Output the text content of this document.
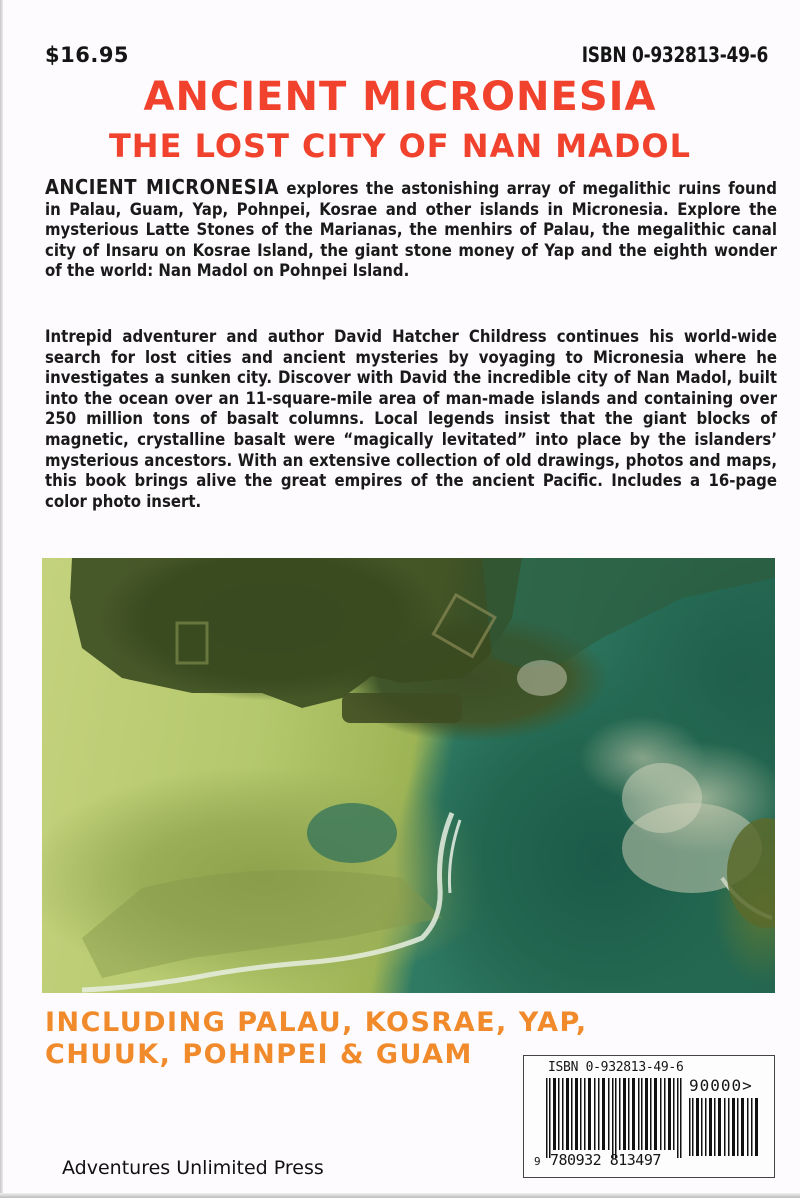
$16.95	ISBN 0-932813-49-6
ANCIENT MICRONESIA
THE LOST CITY OF NAN MADOL

ANCIENT MICRONESIA explores the astonishing array of megalithic ruins found in Palau, Guam, Yap, Pohnpei, Kosrae and other islands in Micronesia. Explore the mysterious Latte Stones of the Marianas, the menhirs of Palau, the megalithic canal city of Insaru on Kosrae Island, the giant stone money of Yap and the eighth wonder of the world: Nan Madol on Pohnpei Island.

Intrepid adventurer and author David Hatcher Childress continues his world-wide search for lost cities and ancient mysteries by voyaging to Micronesia where he investigates a sunken city. Discover with David the incredible city of Nan Madol, built into the ocean over an 11-square-mile area of man-made islands and containing over 250 million tons of basalt columns. Local legends insist that the giant blocks of magnetic, crystalline basalt were “magically levitated” into place by the islanders’ mysterious ancestors. With an extensive collection of old drawings, photos and maps, this book brings alive the great empires of the ancient Pacific. Includes a 16-page color photo insert.

INCLUDING PALAU, KOSRAE, YAP,
CHUUK, POHNPEI & GUAM
Adventures Unlimited Press
ISBN 0-932813-49-6
90000>
9 780932 813497
